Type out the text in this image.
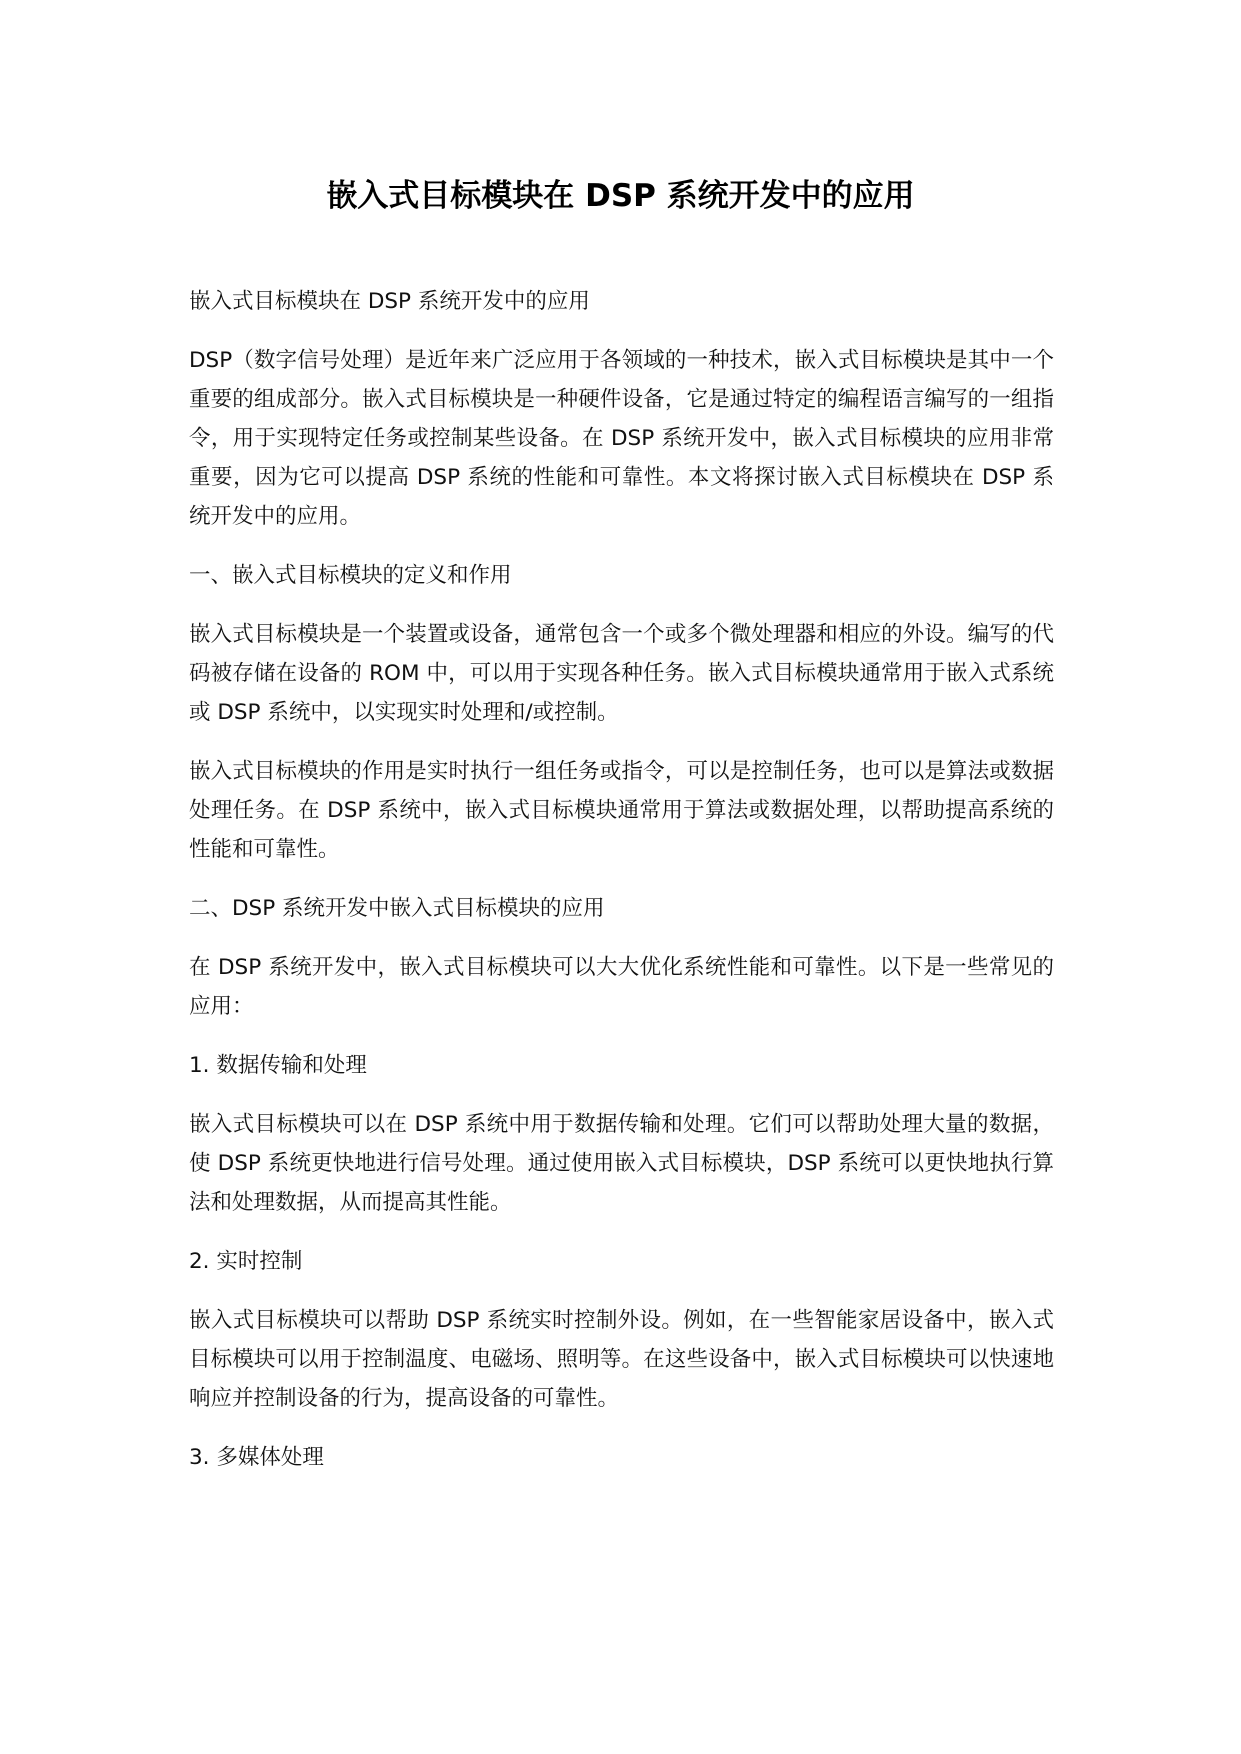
嵌入式目标模块在 DSP 系统开发中的应用

嵌入式目标模块在 DSP 系统开发中的应用

DSP（数字信号处理）是近年来广泛应用于各领域的一种技术，嵌入式目标模块是其中一个重要的组成部分。嵌入式目标模块是一种硬件设备，它是通过特定的编程语言编写的一组指令，用于实现特定任务或控制某些设备。在 DSP 系统开发中，嵌入式目标模块的应用非常重要，因为它可以提高 DSP 系统的性能和可靠性。本文将探讨嵌入式目标模块在 DSP 系统开发中的应用。

一、嵌入式目标模块的定义和作用

嵌入式目标模块是一个装置或设备，通常包含一个或多个微处理器和相应的外设。编写的代码被存储在设备的 ROM 中，可以用于实现各种任务。嵌入式目标模块通常用于嵌入式系统或 DSP 系统中，以实现实时处理和/或控制。

嵌入式目标模块的作用是实时执行一组任务或指令，可以是控制任务，也可以是算法或数据处理任务。在 DSP 系统中，嵌入式目标模块通常用于算法或数据处理，以帮助提高系统的性能和可靠性。

二、DSP 系统开发中嵌入式目标模块的应用

在 DSP 系统开发中，嵌入式目标模块可以大大优化系统性能和可靠性。以下是一些常见的应用：

1. 数据传输和处理

嵌入式目标模块可以在 DSP 系统中用于数据传输和处理。它们可以帮助处理大量的数据，使 DSP 系统更快地进行信号处理。通过使用嵌入式目标模块，DSP 系统可以更快地执行算法和处理数据，从而提高其性能。

2. 实时控制

嵌入式目标模块可以帮助 DSP 系统实时控制外设。例如，在一些智能家居设备中，嵌入式目标模块可以用于控制温度、电磁场、照明等。在这些设备中，嵌入式目标模块可以快速地响应并控制设备的行为，提高设备的可靠性。

3. 多媒体处理
